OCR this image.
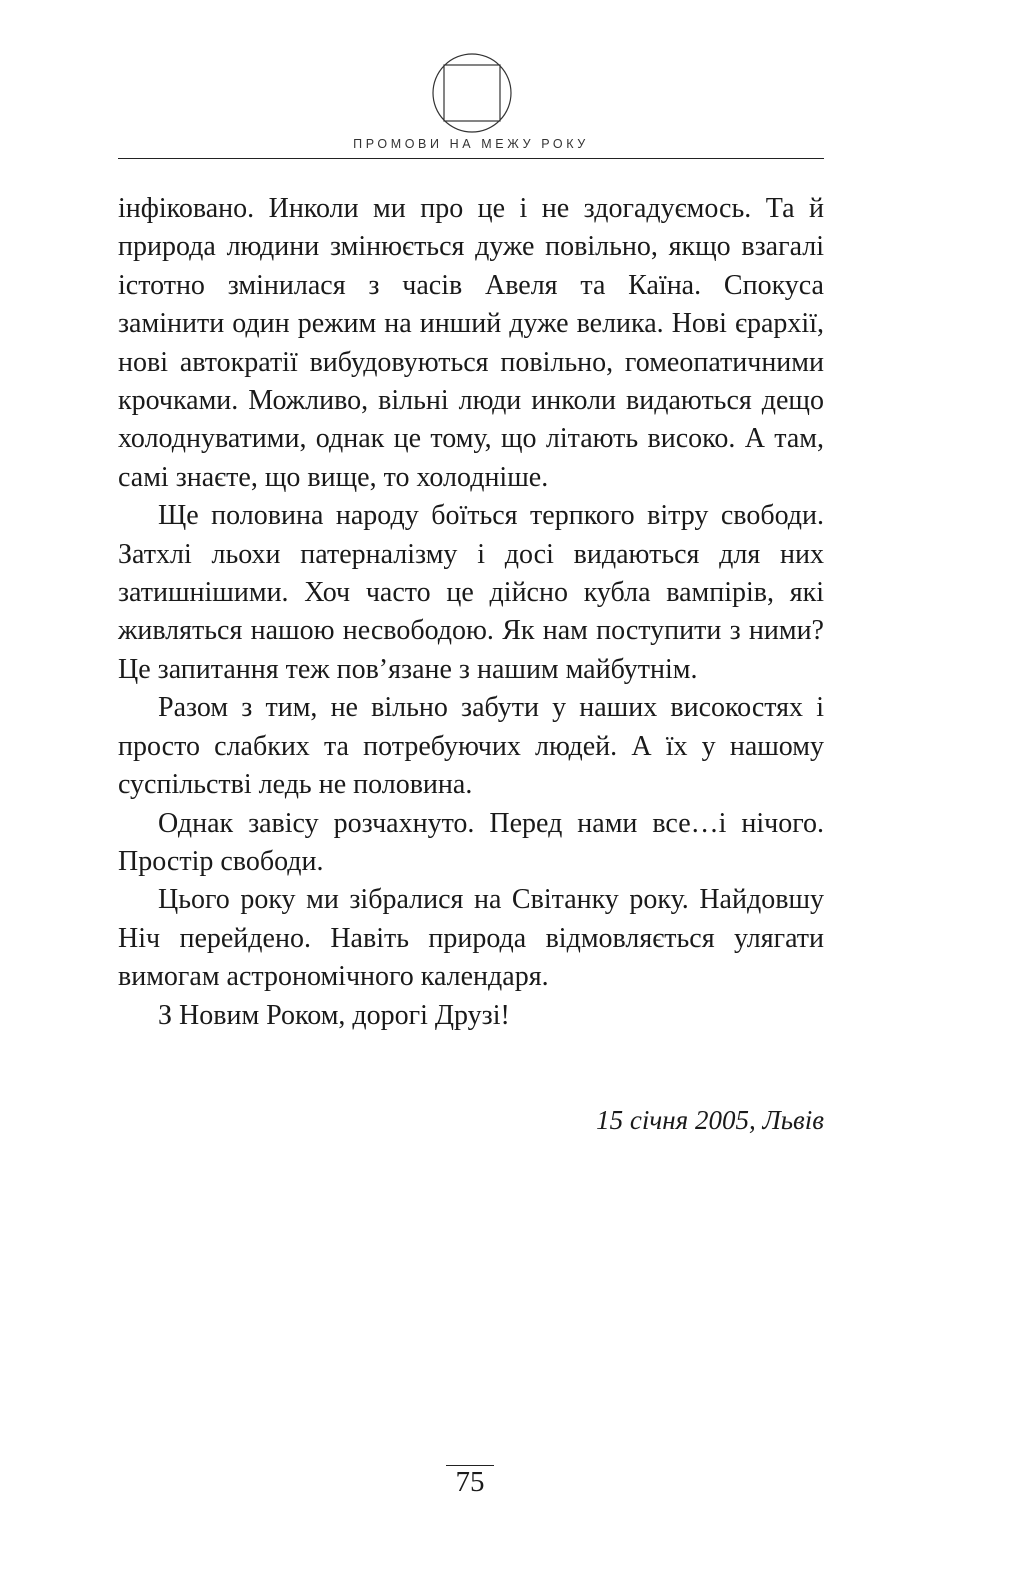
ПРОМОВИ НА МЕЖУ РОКУ

інфіковано. Инколи ми про це і не здогадуємось. Та й природа людини змінюється дуже повільно, якщо взагалі істотно змінилася з часів Авеля та Каїна. Спокуса замінити один режим на инший дуже велика. Нові єрархії, нові автократії вибудовуються повільно, гомеопатичними крочками. Можливо, вільні люди инколи видаються дещо холоднуватими, однак це тому, що літають високо. А там, самі знаєте, що вище, то холодніше.

Ще половина народу боїться терпкого вітру свободи. Затхлі льохи патерналізму і досі видаються для них затишнішими. Хоч часто це дійсно кубла вампірів, які живляться нашою несвободою. Як нам поступити з ними? Це запитання теж пов’язане з нашим майбутнім.

Разом з тим, не вільно забути у наших високостях і просто слабких та потребуючих людей. А їх у нашому суспільстві ледь не половина.

Однак завісу розчахнуто. Перед нами все…і нічого. Простір свободи.

Цього року ми зібралися на Світанку року. Найдовшу Ніч перейдено. Навіть природа відмовляється улягати вимогам астрономічного календаря.

З Новим Роком, дорогі Друзі!

15 січня 2005, Львів
75
